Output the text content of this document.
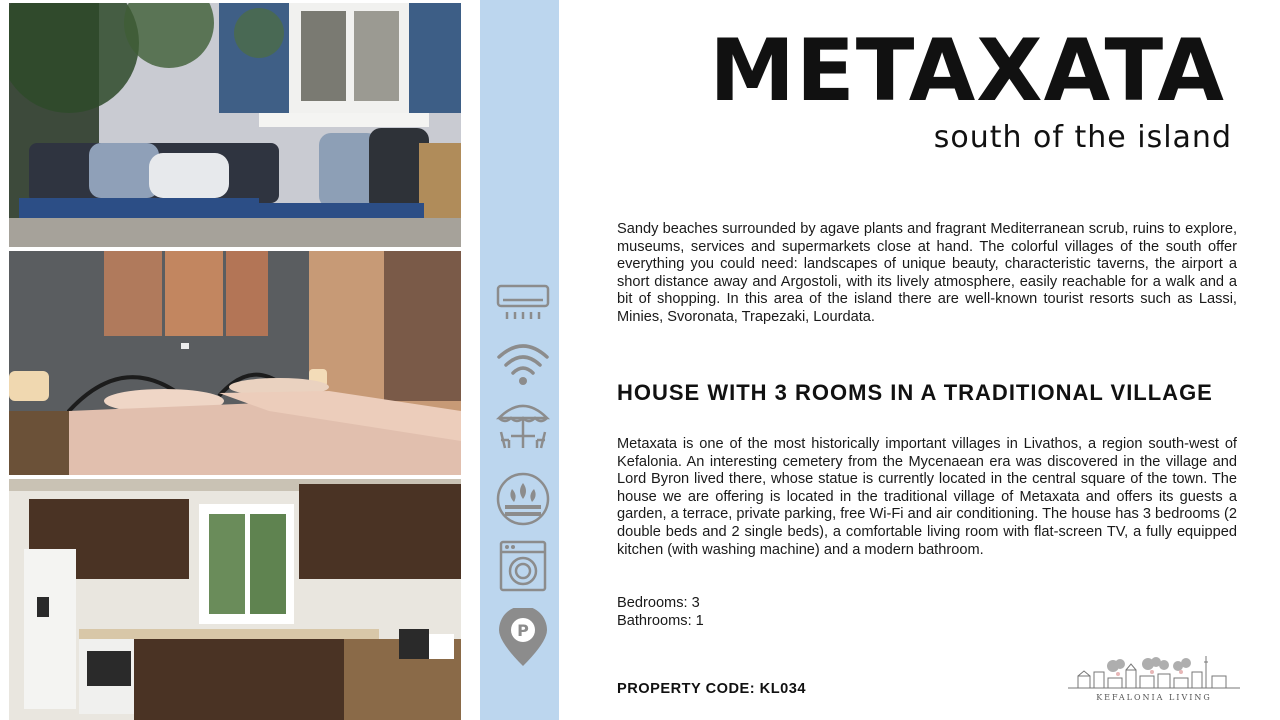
P
METAXATA
south of the island

Sandy beaches surrounded by agave plants and fragrant Mediterranean scrub, ruins to explore, museums, services and supermarkets close at hand. The colorful villages of the south offer everything you could need: landscapes of unique beauty, characteristic taverns, the airport a short distance away and Argostoli, with its lively atmosphere, easily reachable for a walk and a bit of shopping. In this area of the island there are well-known tourist resorts such as Lassi, Minies, Svoronata, Trapezaki, Lourdata.

HOUSE WITH 3 ROOMS IN A TRADITIONAL VILLAGE

Metaxata is one of the most historically important villages in Livathos, a region south-west of Kefalonia. An interesting cemetery from the Mycenaean era was discovered in the village and Lord Byron lived there, whose statue is currently located in the central square of the town. The house we are offering is located in the traditional village of Metaxata and offers its guests a garden, a terrace, private parking, free Wi-Fi and air conditioning. The house has 3 bedrooms (2 double beds and 2 single beds), a comfortable living room with flat-screen TV, a fully equipped kitchen (with washing machine) and a modern bathroom.

Bedrooms: 3
Bathrooms: 1
PROPERTY CODE: KL034
KEFALONIA LIVING
